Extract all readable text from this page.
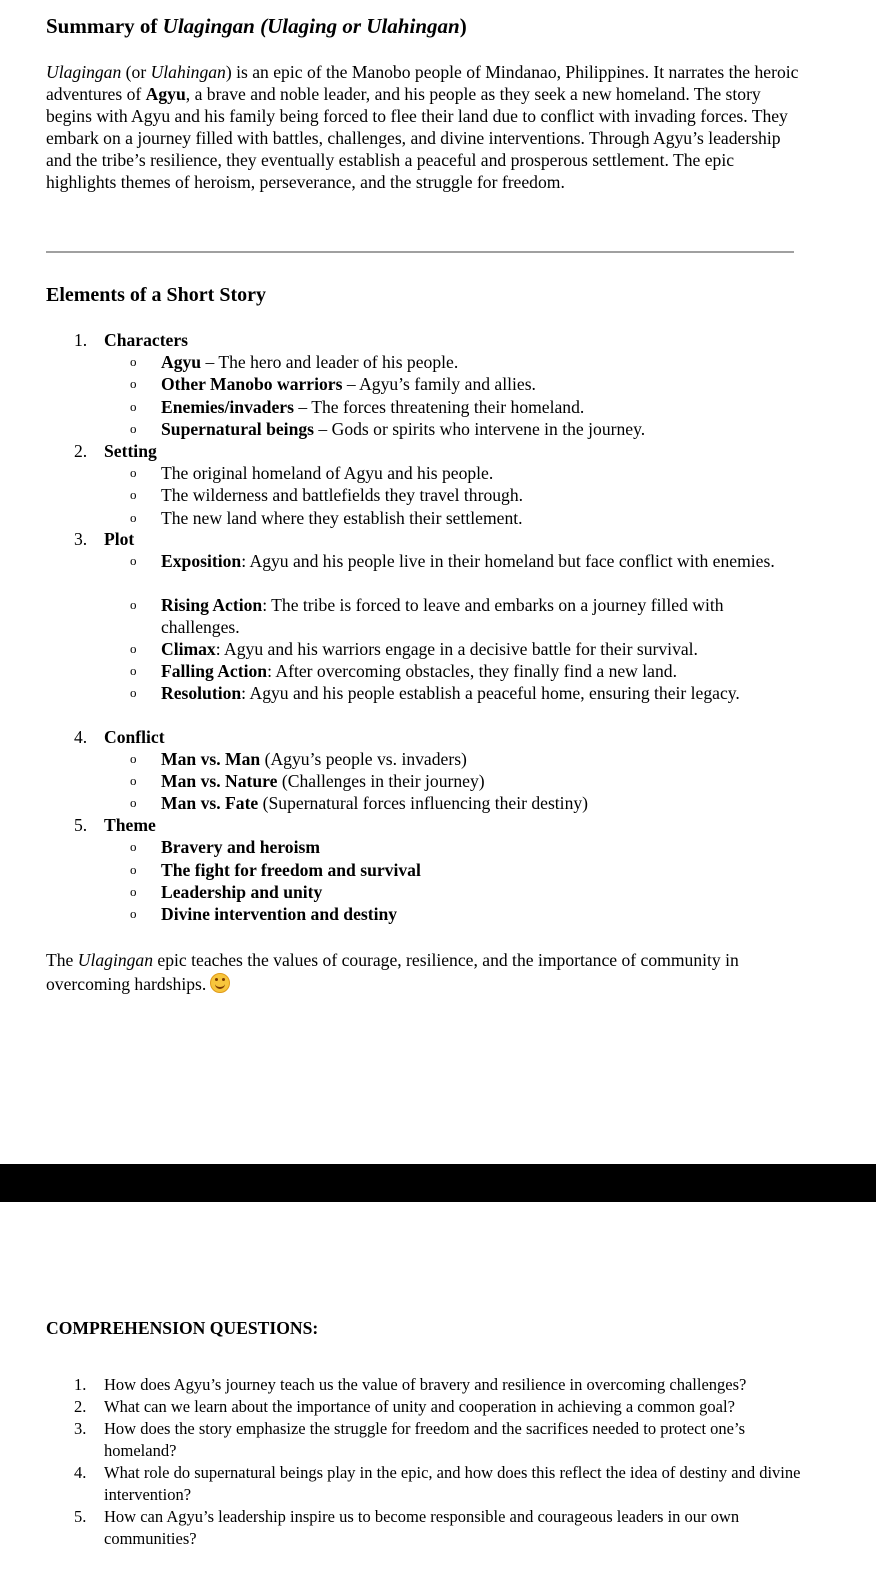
Summary of Ulagingan (Ulaging or Ulahingan)

Ulagingan (or Ulahingan) is an epic of the Manobo people of Mindanao, Philippines. It narrates the heroic adventures of Agyu, a brave and noble leader, and his people as they seek a new homeland. The story begins with Agyu and his family being forced to flee their land due to conflict with invading forces. They embark on a journey filled with battles, challenges, and divine interventions. Through Agyu’s leadership and the tribe’s resilience, they eventually establish a peaceful and prosperous settlement. The epic highlights themes of heroism, perseverance, and the struggle for freedom.

Elements of a Short Story
1. Characters
o Agyu – The hero and leader of his people.
o Other Manobo warriors – Agyu’s family and allies.
o Enemies/invaders – The forces threatening their homeland.
o Supernatural beings – Gods or spirits who intervene in the journey.
2. Setting
o The original homeland of Agyu and his people.
o The wilderness and battlefields they travel through.
o The new land where they establish their settlement.
3. Plot
o Exposition: Agyu and his people live in their homeland but face conflict with enemies.
o Rising Action: The tribe is forced to leave and embarks on a journey filled with challenges.
o Climax: Agyu and his warriors engage in a decisive battle for their survival.
o Falling Action: After overcoming obstacles, they finally find a new land.
o Resolution: Agyu and his people establish a peaceful home, ensuring their legacy.
4. Conflict
o Man vs. Man (Agyu’s people vs. invaders)
o Man vs. Nature (Challenges in their journey)
o Man vs. Fate (Supernatural forces influencing their destiny)
5. Theme
o Bravery and heroism
o The fight for freedom and survival
o Leadership and unity
o Divine intervention and destiny

The Ulagingan epic teaches the values of courage, resilience, and the importance of community in overcoming hardships.

COMPREHENSION QUESTIONS:
1.	How does Agyu’s journey teach us the value of bravery and resilience in overcoming challenges?
2.	What can we learn about the importance of unity and cooperation in achieving a common goal?
3.	How does the story emphasize the struggle for freedom and the sacrifices needed to protect one’s homeland?
4.	What role do supernatural beings play in the epic, and how does this reflect the idea of destiny and divine intervention?
5.	How can Agyu’s leadership inspire us to become responsible and courageous leaders in our own communities?
